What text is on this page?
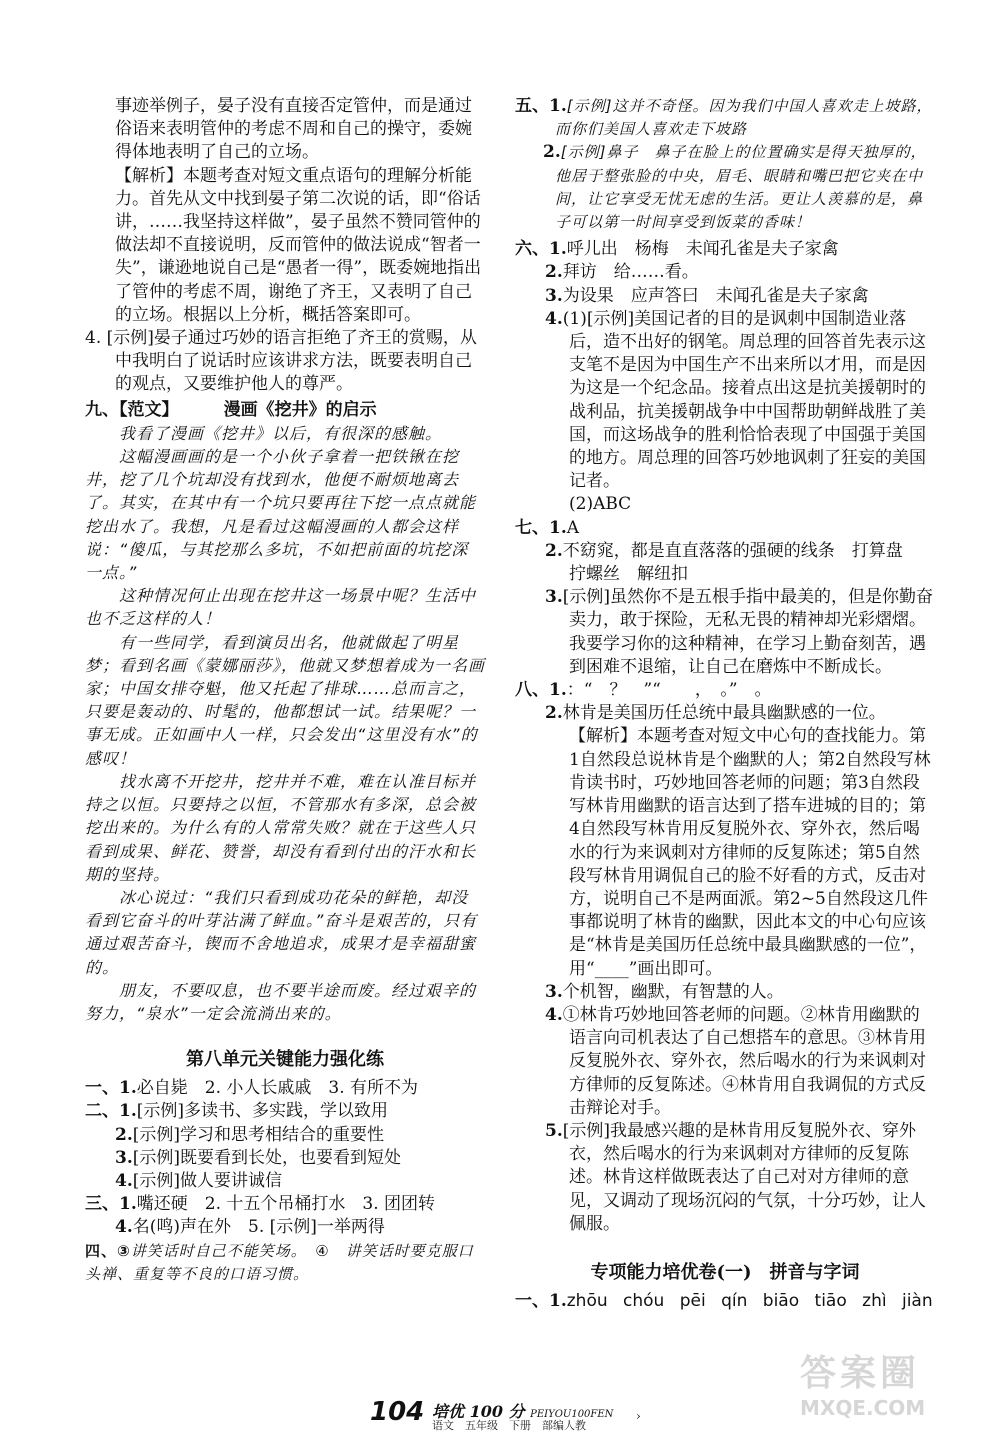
事迹举例子，晏子没有直接否定管仲，而是通过俗语来表明管仲的考虑不周和自己的操守，委婉得体地表明了自己的立场。

【解析】本题考查对短文重点语句的理解分析能力。首先从文中找到晏子第二次说的话，即“俗话讲，……我坚持这样做”，晏子虽然不赞同管仲的做法却不直接说明，反而管仲的做法说成“智者一失”，谦逊地说自己是“愚者一得”，既委婉地指出了管仲的考虑不周，谢绝了齐王，又表明了自己的立场。根据以上分析，概括答案即可。

4. [示例]晏子通过巧妙的语言拒绝了齐王的赏赐，从中我明白了说话时应该讲求方法，既要表明自己的观点，又要维护他人的尊严。

九、【范文】	漫画《挖井》的启示

我看了漫画《挖井》以后，有很深的感触。

这幅漫画画的是一个小伙子拿着一把铁锹在挖井，挖了几个坑却没有找到水，他便不耐烦地离去了。其实，在其中有一个坑只要再往下挖一点点就能挖出水了。我想，凡是看过这幅漫画的人都会这样说：“傻瓜，与其挖那么多坑，不如把前面的坑挖深一点。”

这种情况何止出现在挖井这一场景中呢？生活中也不乏这样的人！

有一些同学，看到演员出名，他就做起了明星梦；看到名画《蒙娜丽莎》，他就又梦想着成为一名画家；中国女排夺魁，他又托起了排球……总而言之，只要是轰动的、时髦的，他都想试一试。结果呢？一事无成。正如画中人一样，只会发出“这里没有水”的感叹！

找水离不开挖井，挖井并不难，难在认准目标并持之以恒。只要持之以恒，不管那水有多深，总会被挖出来的。为什么有的人常常失败？就在于这些人只看到成果、鲜花、赞誉，却没有看到付出的汗水和长期的坚持。

冰心说过：“我们只看到成功花朵的鲜艳，却没看到它奋斗的叶芽沾满了鲜血。”奋斗是艰苦的，只有通过艰苦奋斗，锲而不舍地追求，成果才是幸福甜蜜的。

朋友，不要叹息，也不要半途而废。经过艰辛的努力，“泉水”一定会流淌出来的。

第八单元关键能力强化练

一、1.必自毙　2. 小人长戚戚　3. 有所不为

二、1.[示例]多读书、多实践，学以致用

2.[示例]学习和思考相结合的重要性

3.[示例]既要看到长处，也要看到短处

4.[示例]做人要讲诚信

三、1.嘴还硬　2. 十五个吊桶打水　3. 团团转

4.名(鸣)声在外　5. [示例]一举两得

四、③讲笑话时自己不能笑场。　④　讲笑话时要克服口头禅、重复等不良的口语习惯。

五、1.[示例]这并不奇怪。因为我们中国人喜欢走上坡路，而你们美国人喜欢走下坡路

2.[示例]鼻子　鼻子在脸上的位置确实是得天独厚的，他居于整张脸的中央，眉毛、眼睛和嘴巴把它夹在中间，让它享受无忧无虑的生活。更让人羡慕的是，鼻子可以第一时间享受到饭菜的香味！

六、1.呼儿出　杨梅　未闻孔雀是夫子家禽

2.拜访　给……看。

3.为设果　应声答曰　未闻孔雀是夫子家禽

4.(1)[示例]美国记者的目的是讽刺中国制造业落后，造不出好的钢笔。周总理的回答首先表示这支笔不是因为中国生产不出来所以才用，而是因为这是一个纪念品。接着点出这是抗美援朝时的战利品，抗美援朝战争中中国帮助朝鲜战胜了美国，而这场战争的胜利恰恰表现了中国强于美国的地方。周总理的回答巧妙地讽刺了狂妄的美国记者。

(2)ABC

七、1.A

2.不窈窕，都是直直落落的强硬的线条　打算盘　拧螺丝　解纽扣

3.[示例]虽然你不是五根手指中最美的，但是你勤奋卖力，敢于探险，无私无畏的精神却光彩熠熠。我要学习你的这种精神，在学习上勤奋刻苦，遇到困难不退缩，让自己在磨炼中不断成长。

八、1.：“　？　”“　　，　。”　。

2.林肯是美国历任总统中最具幽默感的一位。

【解析】本题考查对短文中心句的查找能力。第1自然段总说林肯是个幽默的人；第2自然段写林肯读书时，巧妙地回答老师的问题；第3自然段写林肯用幽默的语言达到了搭车进城的目的；第4自然段写林肯用反复脱外衣、穿外衣，然后喝水的行为来讽刺对方律师的反复陈述；第5自然段写林肯用调侃自己的脸不好看的方式，反击对方，说明自己不是两面派。第2~5自然段这几件事都说明了林肯的幽默，因此本文的中心句应该是“林肯是美国历任总统中最具幽默感的一位”，用“____”画出即可。

3.个机智，幽默，有智慧的人。

4.①林肯巧妙地回答老师的问题。②林肯用幽默的语言向司机表达了自己想搭车的意思。③林肯用反复脱外衣、穿外衣，然后喝水的行为来讽刺对方律师的反复陈述。④林肯用自我调侃的方式反击辩论对手。

5.[示例]我最感兴趣的是林肯用反复脱外衣、穿外衣，然后喝水的行为来讽刺对方律师的反复陈述。林肯这样做既表达了自己对对方律师的意见，又调动了现场沉闷的气氛，十分巧妙，让人佩服。

专项能力培优卷(一)　拼音与字词

一、1.zhōu chóu pēi qín biāo tiāo zhì jiàn

104 培优 100 分 PEIYOU100FEN
语文　五年级　下册　部编人教
›
答案圈
MXQE.COM
